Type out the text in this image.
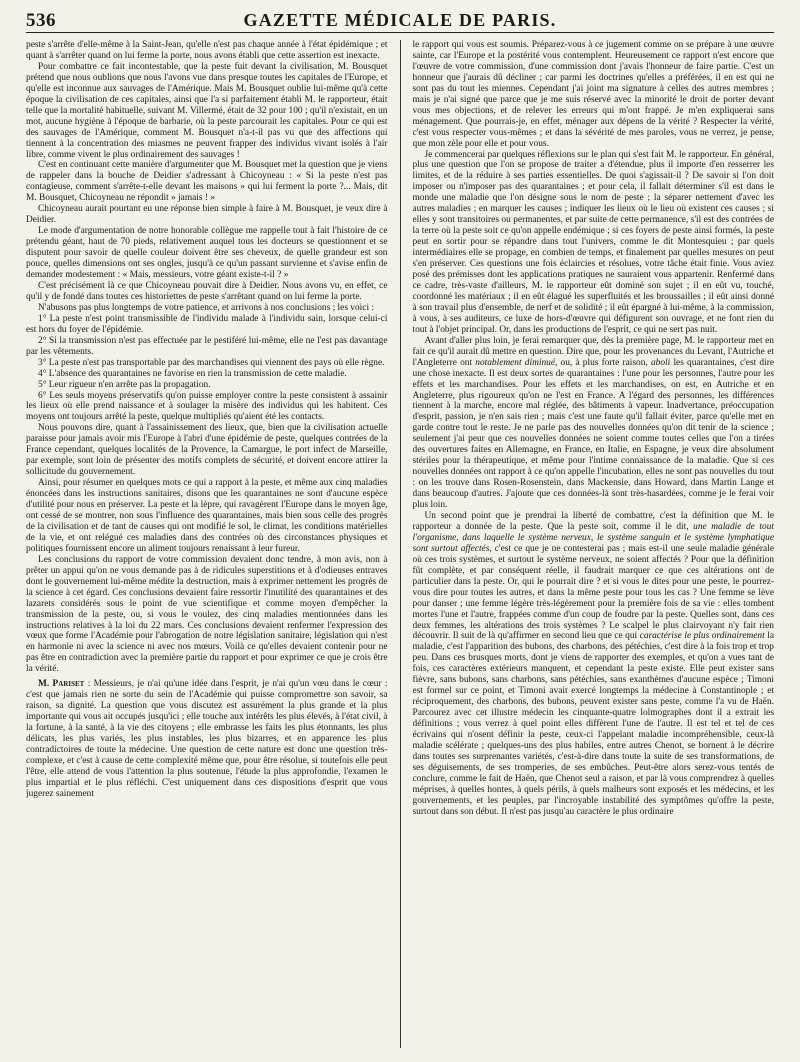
536	GAZETTE MÉDICALE DE PARIS.

peste s'arrête d'elle-même à la Saint-Jean, qu'elle n'est pas chaque année à l'état épidémique ; et quant à s'arrêter quand on lui ferme la porte, nous avons établi que cette assertion est inexacte.

Pour combattre ce fait incontestable, que la peste fuit devant la civilisation, M. Bousquet prétend que nous oublions que nous l'avons vue dans presque toutes les capitales de l'Europe, et qu'elle est inconnue aux sauvages de l'Amérique. Mais M. Bousquet oublie lui-même qu'à cette époque la civilisation de ces capitales, ainsi que l'a si parfaitement établi M. le rapporteur, était telle que la mortalité habituelle, suivant M. Villermé, était de 32 pour 100 ; qu'il n'existait, en un mot, aucune hygiène à l'époque de barbarie, où la peste parcourait les capitales. Pour ce qui est des sauvages de l'Amérique, comment M. Bousquet n'a-t-il pas vu que des affections qui tiennent à la concentration des miasmes ne peuvent frapper des individus vivant isolés à l'air libre, comme vivent le plus ordinairement des sauvages !

C'est en continuant cette manière d'argumenter que M. Bousquet met la question que je viens de rappeler dans la bouche de Deidier s'adressant à Chicoyneau : « Si la peste n'est pas contagieuse, comment s'arrête-t-elle devant les maisons » qui lui ferment la porte ?... Mais, dit M. Bousquet, Chicoyneau ne répondit » jamais ! »

Chicoyneau aurait pourtant eu une réponse bien simple à faire à M. Bousquet, je veux dire à Deidier.

Le mode d'argumentation de notre honorable collègue me rappelle tout à fait l'histoire de ce prétendu géant, haut de 70 pieds, relativement auquel tous les docteurs se questionnent et se disputent pour savoir de quelle couleur doivent être ses cheveux, de quelle grandeur est son pouce, quelles dimensions ont ses ongles, jusqu'à ce qu'un passant survienne et s'avise enfin de demander modestement : « Mais, messieurs, votre géant existe-t-il ? »

C'est précisément là ce que Chicoyneau pouvait dire à Deidier. Nous avons vu, en effet, ce qu'il y de fondé dans toutes ces historiettes de peste s'arrêtant quand on lui ferme la porte.

N'abusons pas plus longtemps de votre patience, et arrivons à nos conclusions ; les voici :

1° La peste n'est point transmissible de l'individu malade à l'individu sain, lorsque celui-ci est hors du foyer de l'épidémie.

2° Si la transmission n'est pas effectuée par le pestiféré lui-même, elle ne l'est pas davantage par les vêtements.

3° La peste n'est pas transportable par des marchandises qui viennent des pays où elle règne.

4° L'absence des quarantaines ne favorise en rien la transmission de cette maladie.

5° Leur rigueur n'en arrête pas la propagation.

6° Les seuls moyens préservatifs qu'on puisse employer contre la peste consistent à assainir les lieux où elle prend naissance et à soulager la misère des individus qui les habitent. Ces moyens ont toujours arrêté la peste, quelque multipliés qu'aient été les contacts.

Nous pouvons dire, quant à l'assainissement des lieux, que, bien que la civilisation actuelle paraisse pour jamais avoir mis l'Europe à l'abri d'une épidémie de peste, quelques contrées de la France cependant, quelques localités de la Provence, la Camargue, le port infect de Marseille, par exemple, sont loin de présenter des motifs complets de sécurité, et doivent encore attirer la sollicitude du gouvernement.

Ainsi, pour résumer en quelques mots ce qui a rapport à la peste, et même aux cinq maladies énoncées dans les instructions sanitaires, disons que les quarantaines ne sont d'aucune espèce d'utilité pour nous en préserver. La peste et la lèpre, qui ravagèrent l'Europe dans le moyen âge, ont cessé de se montrer, non sous l'influence des quarantaines, mais bien sous celle des progrès de la civilisation et de tant de causes qui ont modifié le sol, le climat, les conditions matérielles de la vie, et ont relégué ces maladies dans des contrées où des circonstances physiques et politiques fournissent encore un aliment toujours renaissant à leur fureur.

Les conclusions du rapport de votre commission devaient donc tendre, à mon avis, non à prêter un appui qu'on ne vous demande pas à de ridicules superstitions et à d'odieuses entraves dont le gouvernement lui-même médite la destruction, mais à exprimer nettement les progrès de la science à cet égard. Ces conclusions devaient faire ressortir l'inutilité des quarantaines et des lazarets considérés sous le point de vue scientifique et comme moyen d'empêcher la transmission de la peste, ou, si vous le voulez, des cinq maladies mentionnées dans les instructions relatives à la loi du 22 mars. Ces conclusions devaient renfermer l'expression des vœux que forme l'Académie pour l'abrogation de notre législation sanitaire, législation qui n'est en harmonie ni avec la science ni avec nos mœurs. Voilà ce qu'elles devaient contenir pour ne pas être en contradiction avec la première partie du rapport et pour exprimer ce que je crois être la vérité.

M. Pariset : Messieurs, je n'ai qu'une idée dans l'esprit, je n'ai qu'un vœu dans le cœur : c'est que jamais rien ne sorte du sein de l'Académie qui puisse compromettre son savoir, sa raison, sa dignité. La question que vous discutez est assurément la plus grande et la plus importante qui vous ait occupés jusqu'ici ; elle touche aux intérêts les plus élevés, à l'état civil, à la fortune, à la santé, à la vie des citoyens ; elle embrasse les faits les plus étonnants, les plus délicats, les plus variés, les plus instables, les plus bizarres, et en apparence les plus contradictoires de toute la médecine. Une question de cette nature est donc une question très-complexe, et c'est à cause de cette complexité même que, pour être résolue, si toutefois elle peut l'être, elle attend de vous l'attention la plus soutenue, l'étude la plus approfondie, l'examen le plus impartial et le plus réfléchi. C'est uniquement dans ces dispositions d'esprit que vous jugerez sainement

le rapport qui vous est soumis. Préparez-vous à ce jugement comme on se prépare à une œuvre sainte, car l'Europe et la postérité vous contemplent. Heureusement ce rapport n'est encore que l'œuvre de votre commission, d'une commission dont j'avais l'honneur de faire partie. C'est un honneur que j'aurais dû décliner ; car parmi les doctrines qu'elles a préférées, il en est qui ne sont pas du tout les miennes. Cependant j'ai joint ma signature à celles des autres membres ; mais je n'ai signé que parce que je me suis réservé avec la minorité le droit de porter devant vous mes objections, et de relever les erreurs qui m'ont frappé. Je m'en expliquerai sans ménagement. Que pourrais-je, en effet, ménager aux dépens de la vérité ? Respecter la vérité, c'est vous respecter vous-mêmes ; et dans la sévérité de mes paroles, vous ne verrez, je pense, que mon zèle pour elle et pour vous.

Je commencerai par quelques réflexions sur le plan qui s'est fait M. le rapporteur. En général, plus une question que l'on se propose de traiter a d'étendue, plus il importe d'en resserrer les limites, et de la réduire à ses parties essentielles. De quoi s'agissait-il ? De savoir si l'on doit imposer ou n'imposer pas des quarantaines ; et pour cela, il fallait déterminer s'il est dans le monde une maladie que l'on désigne sous le nom de peste ; la séparer nettement d'avec les autres maladies ; en marquer les causes ; indiquer les lieux où le lieu où existent ces causes ; si elles y sont transitoires ou permanentes, et par suite de cette permanence, s'il est des contrées de la terre où la peste soit ce qu'on appelle endémique ; si ces foyers de peste ainsi formés, la peste peut en sortir pour se répandre dans tout l'univers, comme le dit Montesquieu ; par quels intermédiaires elle se propage, en combien de temps, et finalement par quelles mesures on peut s'en préserver. Ces questions une fois éclaircies et résolues, votre tâche était finie. Vous aviez posé des prémisses dont les applications pratiques ne sauraient vous appartenir. Renfermé dans ce cadre, très-vaste d'ailleurs, M. le rapporteur eût dominé son sujet ; il en eût vu, touché, coordonné les matériaux ; il en eût élagué les superfluités et les broussailles ; il eût ainsi donné à son travail plus d'ensemble, de nerf et de solidité ; il eût épargné à lui-même, à la commission, à vous, à ses auditeurs, ce luxe de hors-d'œuvre qui défigurent son ouvrage, et ne font rien du tout à l'objet principal. Or, dans les productions de l'esprit, ce qui ne sert pas nuit.

Avant d'aller plus loin, je ferai remarquer que, dès la première page, M. le rapporteur met en fait ce qu'il aurait dû mettre en question. Dire que, pour les provenances du Levant, l'Autriche et l'Angleterre ont notablement diminué, ou, à plus forte raison, aboli les quarantaines, c'est dire une chose inexacte. Il est deux sortes de quarantaines : l'une pour les personnes, l'autre pour les effets et les marchandises. Pour les effets et les marchandises, on est, en Autriche et en Angleterre, plus rigoureux qu'on ne l'est en France. A l'égard des personnes, les différences tiennent à la marche, encore mal réglée, des bâtiments à vapeur. Inadvertance, préoccupation d'esprit, passion, je n'en sais rien ; mais c'est une faute qu'il fallait éviter, parce qu'elle met en garde contre tout le reste. Je ne parle pas des nouvelles données qu'on dit tenir de la science ; seulement j'ai peur que ces nouvelles données ne soient comme toutes celles que l'on a tirées des ouvertures faites en Allemagne, en France, en Italie, en Espagne, je veux dire absolument stériles pour la thérapeutique, et même pour l'intime connaissance de la maladie. Que si ces nouvelles données ont rapport à ce qu'on appelle l'incubation, elles ne sont pas nouvelles du tout : on les trouve dans Rosen-Rosenstein, dans Mackensie, dans Howard, dans Martin Lange et dans beaucoup d'autres. J'ajoute que ces données-là sont très-hasardées, comme je le ferai voir plus loin.

Un second point que je prendrai la liberté de combattre, c'est la définition que M. le rapporteur a donnée de la peste. Que la peste soit, comme il le dit, une maladie de tout l'organisme, dans laquelle le système nerveux, le système sanguin et le système lymphatique sont surtout affectés, c'est ce que je ne contesterai pas ; mais est-il une seule maladie générale où ces trois systèmes, et surtout le système nerveux, ne soient affectés ? Pour que la définition fût complète, et par conséquent réelle, il faudrait marquer ce que ces altérations ont de particulier dans la peste. Or, qui le pourrait dire ? et si vous le dites pour une peste, le pourrez-vous dire pour toutes les autres, et dans la même peste pour tous les cas ? Une femme se lève pour danser ; une femme légère très-légèrement pour la première fois de sa vie : elles tombent mortes l'une et l'autre, frappées comme d'un coup de foudre par la peste. Quelles sont, dans ces deux femmes, les altérations des trois systèmes ? Le scalpel le plus clairvoyant n'y fait rien découvrir. Il suit de là qu'affirmer en second lieu que ce qui caractérise le plus ordinairement la maladie, c'est l'apparition des bubons, des charbons, des pétéchies, c'est dire à la fois trop et trop peu. Dans ces brusques morts, dont je viens de rapporter des exemples, et qu'on a vues tant de fois, ces caractères extérieurs manquent, et cependant la peste existe. Elle peut exister sans fièvre, sans bubons, sans charbons, sans pétéchies, sans exanthèmes d'aucune espèce ; Timoni est formel sur ce point, et Timoni avait exercé longtemps la médecine à Constantinople ; et réciproquement, des charbons, des bubons, peuvent exister sans peste, comme l'a vu de Haën. Parcourez avec cet illustre médecin les cinquante-quatre lolmographes dont il a extrait les définitions ; vous verrez à quel point elles diffèrent l'une de l'autre. Il est tel et tel de ces écrivains qui n'osent définir la peste, ceux-ci l'appelant maladie incompréhensible, ceux-là maladie scélérate ; quelques-uns des plus habiles, entre autres Chenot, se bornent à le décrire dans toutes ses surprenantes variétés, c'est-à-dire dans toute la suite de ses transformations, de ses déguisements, de ses tromperies, de ses embûches. Peut-être alors serez-vous tentés de conclure, comme le fait de Haën, que Chenot seul a raison, et par là vous comprendrez à quelles méprises, à quelles hontes, à quels périls, à quels malheurs sont exposés et les médecins, et les gouvernements, et les peuples, par l'incroyable instabilité des symptômes qu'offre la peste, surtout dans son début. Il n'est pas jusqu'au caractère le plus ordinaire
